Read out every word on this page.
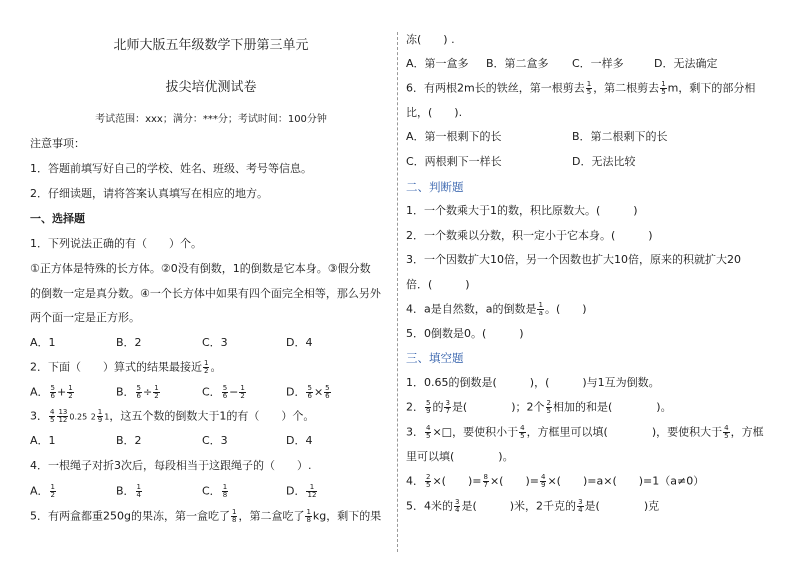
北师大版五年级数学下册第三单元
拔尖培优测试卷
考试范围：xxx；满分：***分；考试时间：100分钟
注意事项：
1．答题前填写好自己的学校、姓名、班级、考号等信息。
2．仔细读题，请将答案认真填写在相应的地方。
一、选择题
1．下列说法正确的有（　　）个。
①正方体是特殊的长方体。②0没有倒数，1的倒数是它本身。③假分数
的倒数一定是真分数。④一个长方体中如果有四个面完全相等，那么另外
两个面一定是正方形。
A．1	B．2	C．3	D．4
2．下面（　　）算式的结果最接近 $\frac{1}{2}$ 。
A． $\frac{5}{6} + \frac{1}{2}$	B． $\frac{5}{6} \div \frac{1}{2}$	C． $\frac{5}{6} - \frac{1}{2}$	D． $\frac{5}{6} \times \frac{5}{6}$
3． $\frac{4}{5} \frac{13}{12} 0.25$ $2 \frac{1}{9} 1$，这五个数的倒数大于1的有（　　）个。
A．1	B．2	C．3	D．4
4．一根绳子对折3次后，每段相当于这跟绳子的（　　）.
A． $\frac{1}{2}$	B． $\frac{1}{4}$	C． $\frac{1}{8}$	D． $\frac{1}{12}$
5．有两盒都重250g的果冻，第一盒吃了 $\frac{1}{8}$ ，第二盒吃了 $\frac{1}{8}$ kg，剩下的果
冻(　　) .
A．第一盒多 B．第二盒多 C．一样多	D．无法确定
6．有两根2m长的铁丝，第一根剪去 $\frac{1}{5}$ ，第二根剪去 $\frac{1}{5}$ m，剩下的部分相
比，(　　).
A．第一根剩下的长	B．第二根剩下的长
C．两根剩下一样长	D．无法比较
二、判断题
1．一个数乘大于1的数，积比原数大。(　　　)
2．一个数乘以分数，积一定小于它本身。(　　　)
3．一个因数扩大10倍，另一个因数也扩大10倍，原来的积就扩大20
倍．(　　　)
4．a是自然数，a的倒数是 $\frac{1}{a}$ 。(　　)
5．0倒数是0。(　　　)
三、填空题
1．0.65的倒数是(　　　)，(　　　)与1互为倒数。
2． $\frac{5}{9}$ 的 $\frac{3}{7}$ 是(　　　　)；2个 $\frac{2}{5}$ 相加的和是(　　　　)。
3． $\frac{4}{5}$ ×□，要使积小于 $\frac{4}{5}$ ，方框里可以填(　　　　)，要使积大于 $\frac{4}{5}$ ，方框
里可以填(　　　　)。
4． $\frac{2}{5}$ ×(　　)= $\frac{8}{7}$ ×(　　)= $\frac{4}{9}$ ×(　　)=a×(　　)=1（a≠0）
5．4米的 $\frac{3}{4}$ 是(　　　)米，2千克的 $\frac{3}{4}$ 是(　　　　)克
